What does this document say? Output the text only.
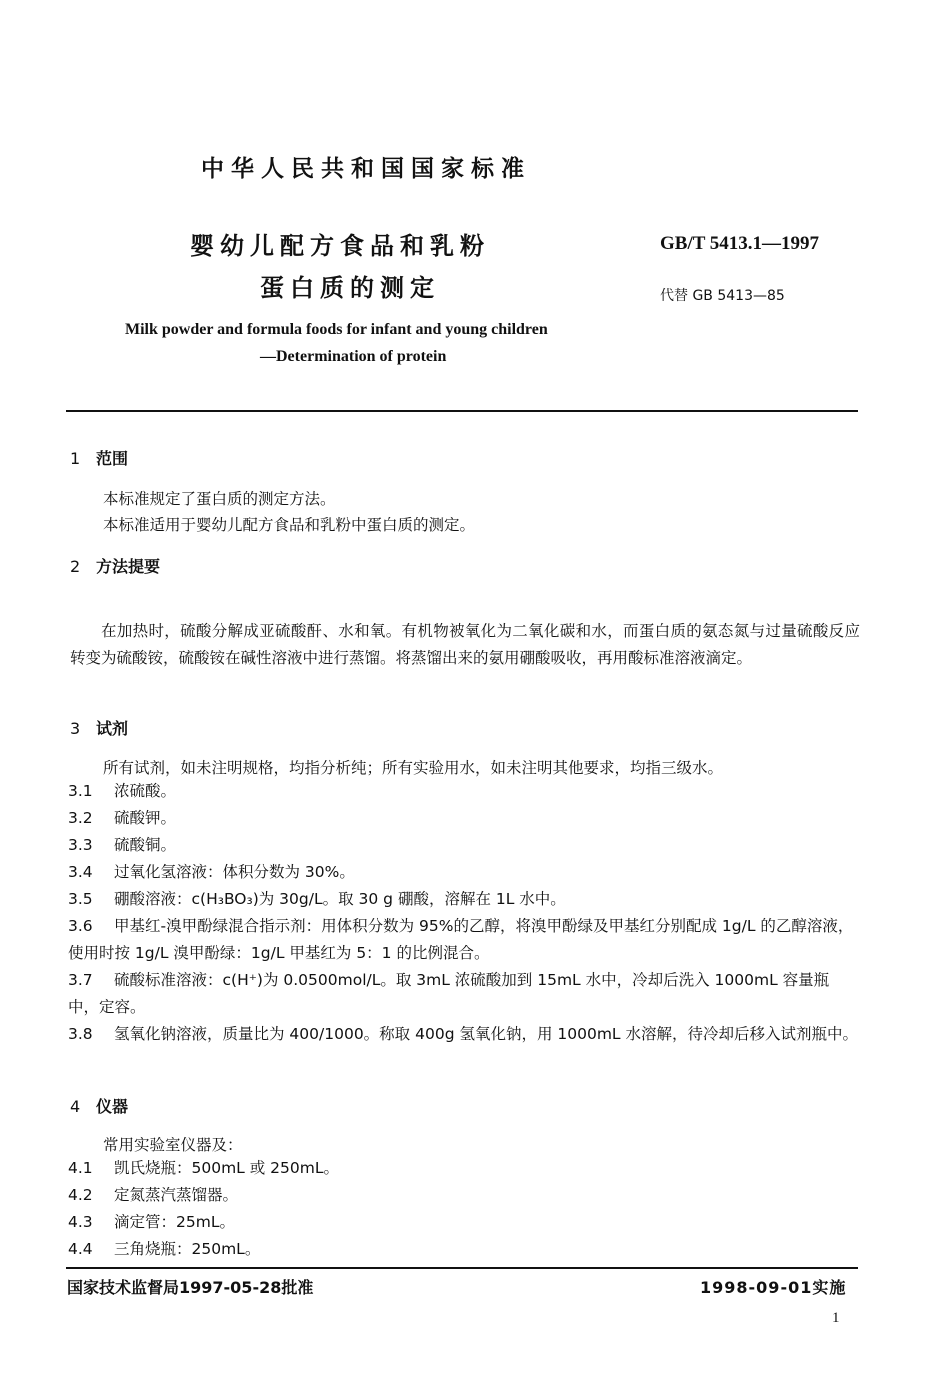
中华人民共和国国家标准
婴幼儿配方食品和乳粉
蛋白质的测定
GB/T 5413.1—1997
代替 GB 5413—85
Milk powder and formula foods for infant and young children
—Determination of protein
1 范围
本标准规定了蛋白质的测定方法。
本标准适用于婴幼儿配方食品和乳粉中蛋白质的测定。
2 方法提要
在加热时，硫酸分解成亚硫酸酐、水和氧。有机物被氧化为二氧化碳和水，而蛋白质的氨态氮与过量硫酸反应转变为硫酸铵，硫酸铵在碱性溶液中进行蒸馏。将蒸馏出来的氨用硼酸吸收，再用酸标准溶液滴定。
3 试剂
所有试剂，如未注明规格，均指分析纯；所有实验用水，如未注明其他要求，均指三级水。
3.1 浓硫酸。
3.2 硫酸钾。
3.3 硫酸铜。
3.4 过氧化氢溶液：体积分数为 30%。
3.5 硼酸溶液：c(H₃BO₃)为 30g/L。取 30 g 硼酸，溶解在 1L 水中。
3.6 甲基红-溴甲酚绿混合指示剂：用体积分数为 95%的乙醇，将溴甲酚绿及甲基红分别配成 1g/L 的乙醇溶液，使用时按 1g/L 溴甲酚绿：1g/L 甲基红为 5：1 的比例混合。
3.7 硫酸标准溶液：c(H⁺)为 0.0500mol/L。取 3mL 浓硫酸加到 15mL 水中，冷却后洗入 1000mL 容量瓶中，定容。
3.8 氢氧化钠溶液，质量比为 400/1000。称取 400g 氢氧化钠，用 1000mL 水溶解，待冷却后移入试剂瓶中。
4 仪器
常用实验室仪器及：
4.1 凯氏烧瓶：500mL 或 250mL。
4.2 定氮蒸汽蒸馏器。
4.3 滴定管：25mL。
4.4 三角烧瓶：250mL。
国家技术监督局1997-05-28批准	1998-09-01实施
1
